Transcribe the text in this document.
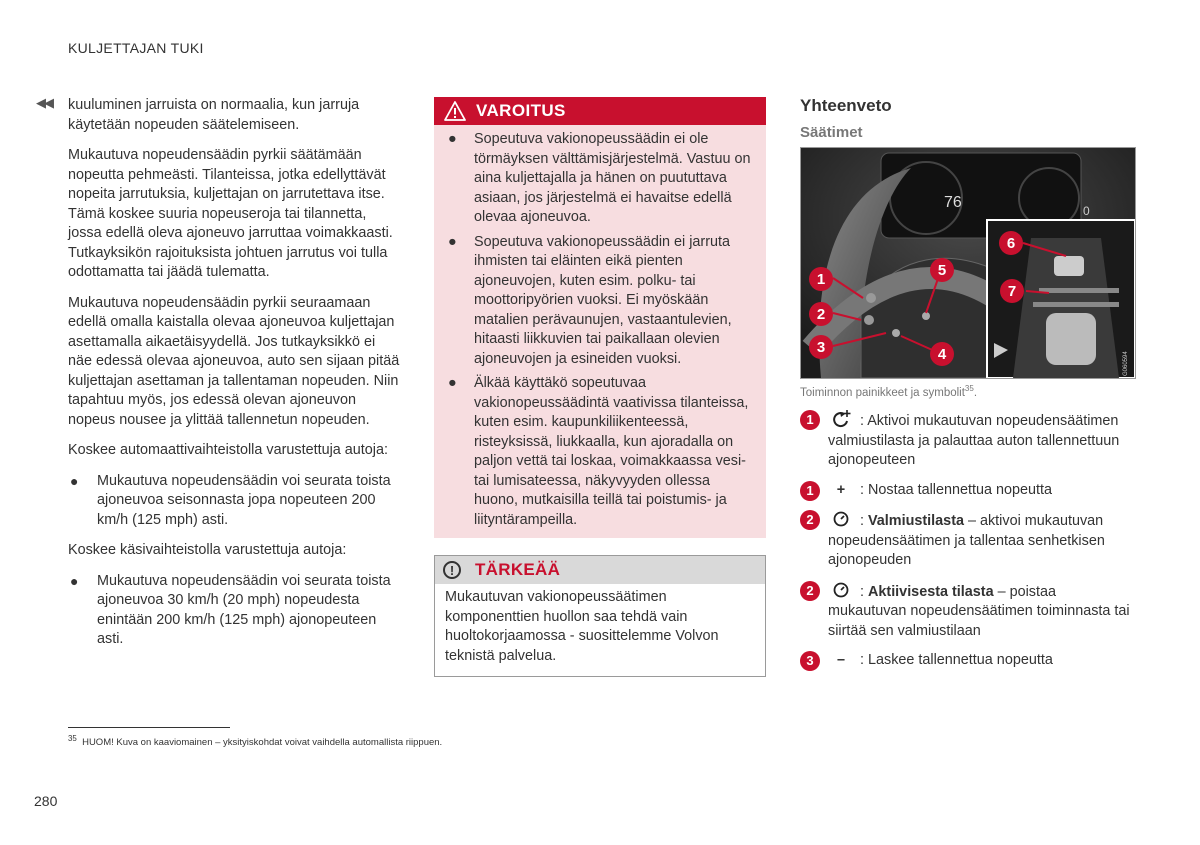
KULJETTAJAN TUKI
◀◀ kuuluminen jarruista on normaalia, kun jarruja käytetään nopeuden säätelemiseen.

Mukautuva nopeudensäädin pyrkii säätämään nopeutta pehmeästi. Tilanteissa, jotka edellyttävät nopeita jarrutuksia, kuljettajan on jarrutettava itse. Tämä koskee suuria nopeuseroja tai tilannetta, jossa edellä oleva ajoneuvo jarruttaa voimakkaasti. Tutkayksikön rajoituksista johtuen jarrutus voi tulla odottamatta tai jäädä tulematta.

Mukautuva nopeudensäädin pyrkii seuraamaan edellä omalla kaistalla olevaa ajoneuvoa kuljettajan asettamalla aikaetäisyydellä. Jos tutkayksikkö ei näe edessä olevaa ajoneuvoa, auto sen sijaan pitää kuljettajan asettaman ja tallentaman nopeuden. Niin tapahtuu myös, jos edessä olevan ajoneuvon nopeus nousee ja ylittää tallennetun nopeuden.

Koskee automaattivaihteistolla varustettuja autoja:

● Mukautuva nopeudensäädin voi seurata toista ajoneuvoa seisonnasta jopa nopeuteen 200 km/h (125 mph) asti.

Koskee käsivaihteistolla varustettuja autoja:

● Mukautuva nopeudensäädin voi seurata toista ajoneuvoa 30 km/h (20 mph) nopeudesta enintään 200 km/h (125 mph) ajonopeuteen asti.
VAROITUS
● Sopeutuva vakionopeussäädin ei ole törmäyksen välttämisjärjestelmä. Vastuu on aina kuljettajalla ja hänen on puututtava asiaan, jos järjestelmä ei havaitse edellä olevaa ajoneuvoa.
● Sopeutuva vakionopeussäädin ei jarruta ihmisten tai eläinten eikä pienten ajoneuvojen, kuten esim. polku- tai moottoripyörien vuoksi. Ei myöskään matalien perävaunujen, vastaantulevien, hitaasti liikkuvien tai paikallaan olevien ajoneuvojen ja esineiden vuoksi.
● Älkää käyttäkö sopeutuvaa vakionopeussäädintä vaativissa tilanteissa, kuten esim. kaupunkiliikenteessä, risteyksissä, liukkaalla, kun ajoradalla on paljon vettä tai loskaa, voimakkaassa vesi- tai lumisateessa, näkyvyyden ollessa huono, mutkaisilla teillä tai poistumis- ja liityntärampeilla.
!	TÄRKEÄÄ
Mukautuvan vakionopeussäätimen komponenttien huollon saa tehdä vain huoltokorjaamossa - suosittelemme Volvon teknistä palvelua.
Yhteenveto
Säätimet
76	0
G060594
1
2
3	4
5
6
7
Toiminnon painikkeet ja symbolit$^{35}$.
1	: Aktivoi mukautuvan nopeudensäätimen valmiustilasta ja palauttaa auton tallennettuun ajonopeuteen
1	+ : Nostaa tallennettua nopeutta
2	: Valmiustilasta – aktivoi mukautuvan nopeudensäätimen ja tallentaa senhetkisen ajonopeuden
2	: Aktiivisesta tilasta – poistaa mukautuvan nopeudensäätimen toiminnasta tai siirtää sen valmiustilaan
3	– : Laskee tallennettua nopeutta
$^{35}$ HUOM! Kuva on kaaviomainen – yksityiskohdat voivat vaihdella automallista riippuen.
280
